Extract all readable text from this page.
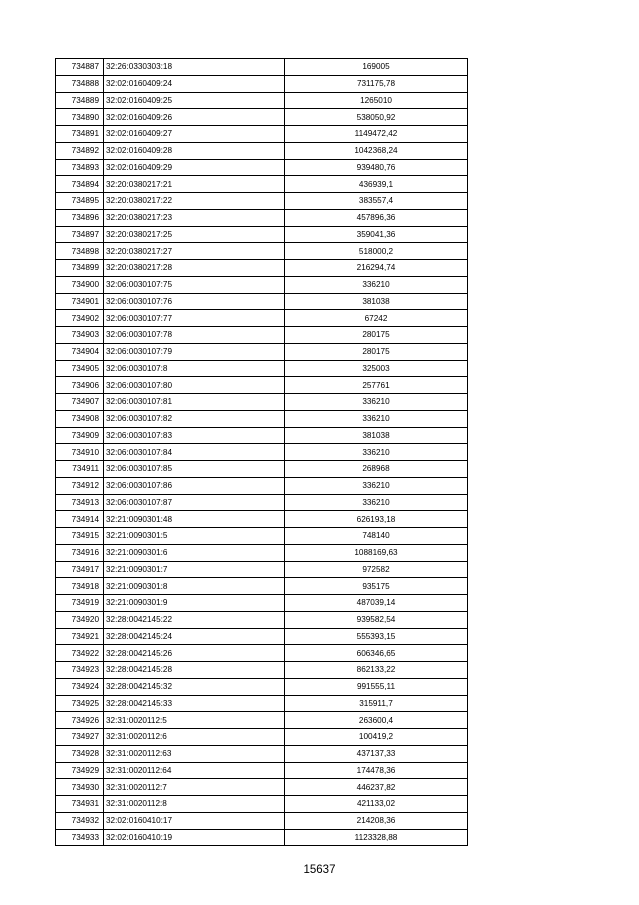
734887	32:26:0330303:18	169005
734888	32:02:0160409:24	731175,78
734889	32:02:0160409:25	1265010
734890	32:02:0160409:26	538050,92
734891	32:02:0160409:27	1149472,42
734892	32:02:0160409:28	1042368,24
734893	32:02:0160409:29	939480,76
734894	32:20:0380217:21	436939,1
734895	32:20:0380217:22	383557,4
734896	32:20:0380217:23	457896,36
734897	32:20:0380217:25	359041,36
734898	32:20:0380217:27	518000,2
734899	32:20:0380217:28	216294,74
734900	32:06:0030107:75	336210
734901	32:06:0030107:76	381038
734902	32:06:0030107:77	67242
734903	32:06:0030107:78	280175
734904	32:06:0030107:79	280175
734905	32:06:0030107:8	325003
734906	32:06:0030107:80	257761
734907	32:06:0030107:81	336210
734908	32:06:0030107:82	336210
734909	32:06:0030107:83	381038
734910	32:06:0030107:84	336210
734911	32:06:0030107:85	268968
734912	32:06:0030107:86	336210
734913	32:06:0030107:87	336210
734914	32:21:0090301:48	626193,18
734915	32:21:0090301:5	748140
734916	32:21:0090301:6	1088169,63
734917	32:21:0090301:7	972582
734918	32:21:0090301:8	935175
734919	32:21:0090301:9	487039,14
734920	32:28:0042145:22	939582,54
734921	32:28:0042145:24	555393,15
734922	32:28:0042145:26	606346,65
734923	32:28:0042145:28	862133,22
734924	32:28:0042145:32	991555,11
734925	32:28:0042145:33	315911,7
734926	32:31:0020112:5	263600,4
734927	32:31:0020112:6	100419,2
734928	32:31:0020112:63	437137,33
734929	32:31:0020112:64	174478,36
734930	32:31:0020112:7	446237,82
734931	32:31:0020112:8	421133,02
734932	32:02:0160410:17	214208,36
734933	32:02:0160410:19	1123328,88
15637
